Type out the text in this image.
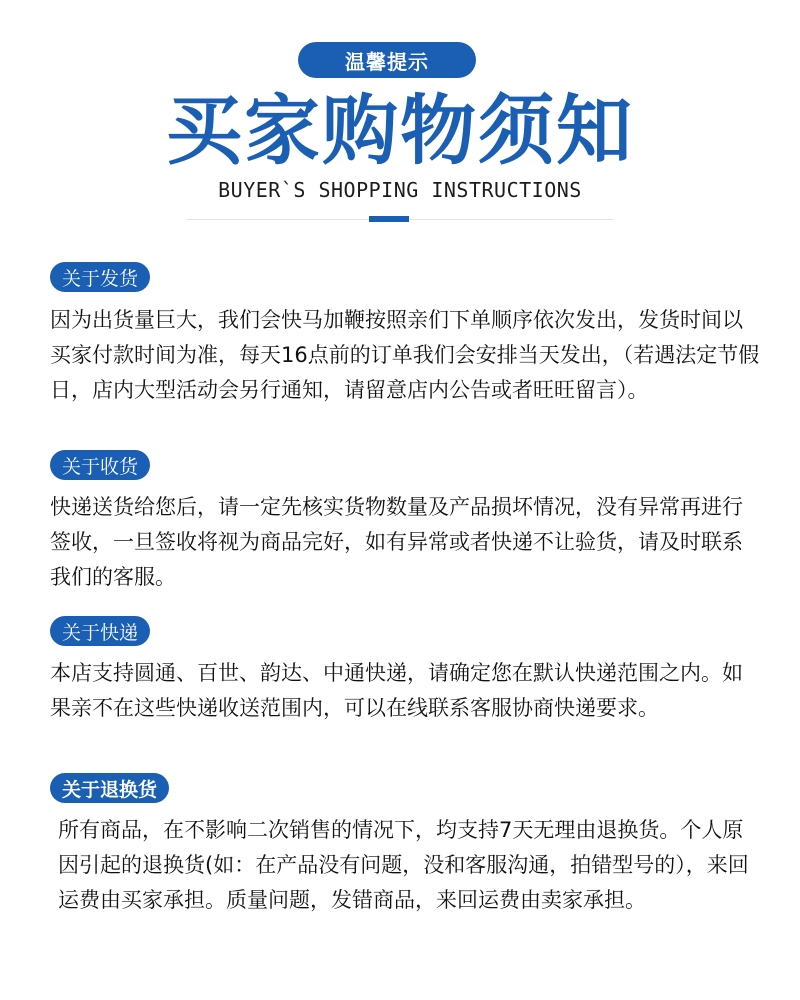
温馨提示
买家购物须知
BUYER`S SHOPPING INSTRUCTIONS
关于发货
因为出货量巨大，我们会快马加鞭按照亲们下单顺序依次发出，发货时间以买家付款时间为准，每天16点前的订单我们会安排当天发出，（若遇法定节假日，店内大型活动会另行通知，请留意店内公告或者旺旺留言）。
关于收货
快递送货给您后，请一定先核实货物数量及产品损坏情况，没有异常再进行签收，一旦签收将视为商品完好，如有异常或者快递不让验货，请及时联系我们的客服。
关于快递
本店支持圆通、百世、韵达、中通快递，请确定您在默认快递范围之内。如果亲不在这些快递收送范围内，可以在线联系客服协商快递要求。
关于退换货
所有商品，在不影响二次销售的情况下，均支持7天无理由退换货。个人原因引起的退换货(如：在产品没有问题，没和客服沟通，拍错型号的），来回运费由买家承担。质量问题，发错商品，来回运费由卖家承担。
